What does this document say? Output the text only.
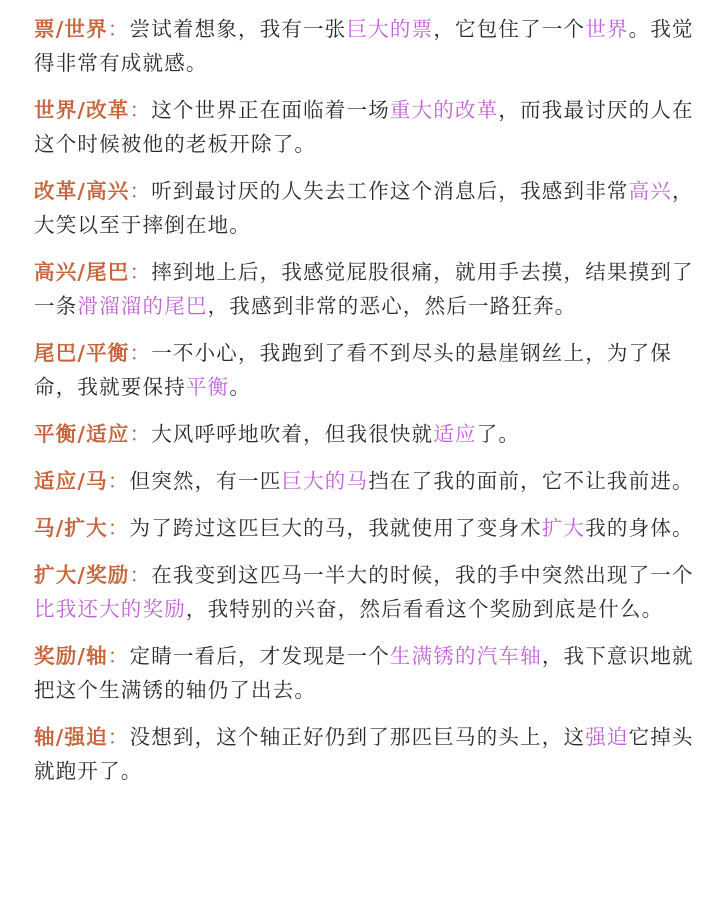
票/世界：尝试着想象，我有一张巨大的票，它包住了一个世界。我觉得非常有成就感。

世界/改革：这个世界正在面临着一场重大的改革，而我最讨厌的人在这个时候被他的老板开除了。

改革/高兴：听到最讨厌的人失去工作这个消息后，我感到非常高兴，大笑以至于摔倒在地。

高兴/尾巴：摔到地上后，我感觉屁股很痛，就用手去摸，结果摸到了一条滑溜溜的尾巴，我感到非常的恶心，然后一路狂奔。

尾巴/平衡：一不小心，我跑到了看不到尽头的悬崖钢丝上，为了保命，我就要保持平衡。

平衡/适应：大风呼呼地吹着，但我很快就适应了。

适应/马：但突然，有一匹巨大的马挡在了我的面前，它不让我前进。

马/扩大：为了跨过这匹巨大的马，我就使用了变身术扩大我的身体。

扩大/奖励：在我变到这匹马一半大的时候，我的手中突然出现了一个比我还大的奖励，我特别的兴奋，然后看看这个奖励到底是什么。

奖励/轴：定睛一看后，才发现是一个生满锈的汽车轴，我下意识地就把这个生满锈的轴仍了出去。

轴/强迫：没想到，这个轴正好仍到了那匹巨马的头上，这强迫它掉头就跑开了。
